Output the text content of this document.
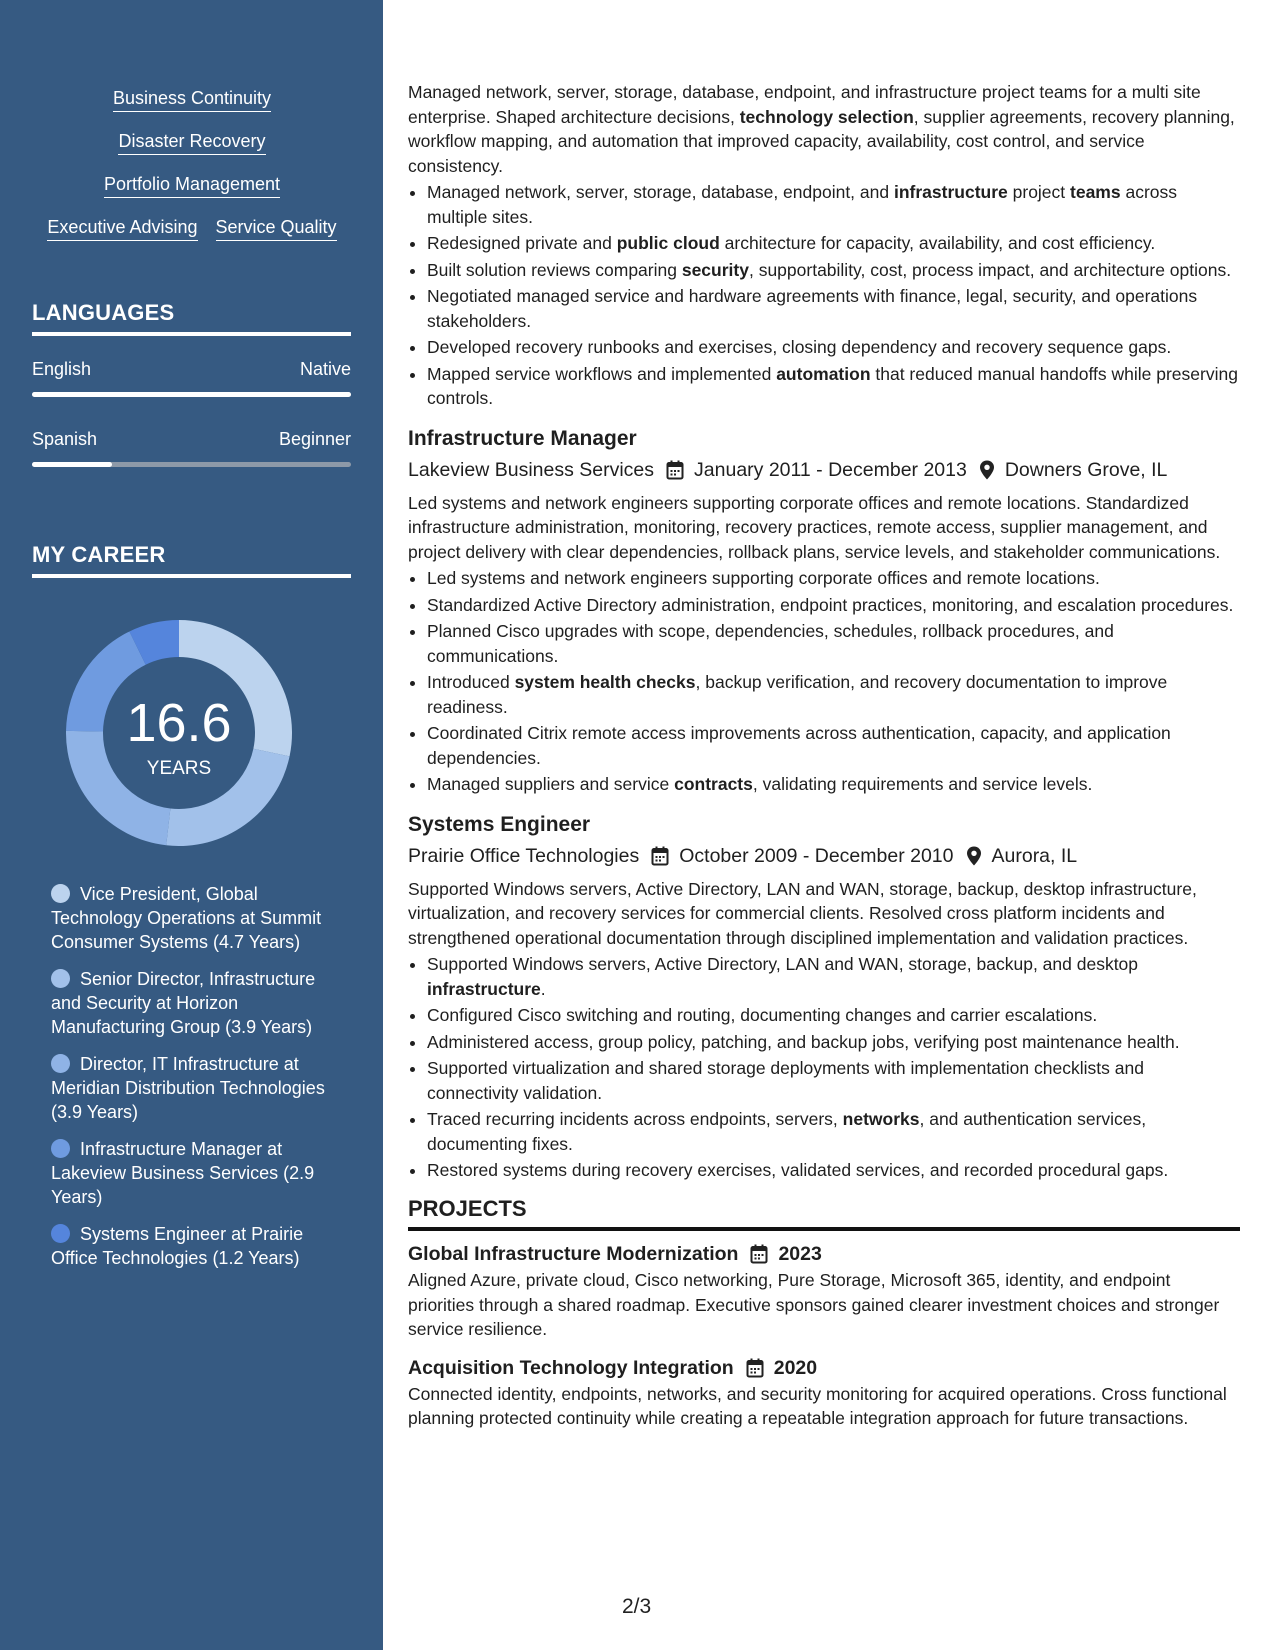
Business Continuity
Disaster Recovery
Portfolio Management
Executive Advising Service Quality
LANGUAGES
English	Native
Spanish	Beginner
MY CAREER
16.6
YEARS
Vice President, Global Technology Operations at Summit Consumer Systems (4.7 Years)
Senior Director, Infrastructure and Security at Horizon Manufacturing Group (3.9 Years)
Director, IT Infrastructure at Meridian Distribution Technologies (3.9 Years)
Infrastructure Manager at Lakeview Business Services (2.9 Years)
Systems Engineer at Prairie Office Technologies (1.2 Years)

Managed network, server, storage, database, endpoint, and infrastructure project teams for a multi site enterprise. Shaped architecture decisions, technology selection, supplier agreements, recovery planning, workflow mapping, and automation that improved capacity, availability, cost control, and service consistency.

• Managed network, server, storage, database, endpoint, and infrastructure project teams across multiple sites.
• Redesigned private and public cloud architecture for capacity, availability, and cost efficiency.
• Built solution reviews comparing security, supportability, cost, process impact, and architecture options.
• Negotiated managed service and hardware agreements with finance, legal, security, and operations stakeholders.
• Developed recovery runbooks and exercises, closing dependency and recovery sequence gaps.
• Mapped service workflows and implemented automation that reduced manual handoffs while preserving controls.
Infrastructure Manager
Lakeview Business Services January 2011 - December 2013 Downers Grove, IL

Led systems and network engineers supporting corporate offices and remote locations. Standardized infrastructure administration, monitoring, recovery practices, remote access, supplier management, and project delivery with clear dependencies, rollback plans, service levels, and stakeholder communications.

• Led systems and network engineers supporting corporate offices and remote locations.
• Standardized Active Directory administration, endpoint practices, monitoring, and escalation procedures.
• Planned Cisco upgrades with scope, dependencies, schedules, rollback procedures, and communications.
• Introduced system health checks, backup verification, and recovery documentation to improve readiness.
• Coordinated Citrix remote access improvements across authentication, capacity, and application dependencies.
• Managed suppliers and service contracts, validating requirements and service levels.
Systems Engineer
Prairie Office Technologies October 2009 - December 2010 Aurora, IL

Supported Windows servers, Active Directory, LAN and WAN, storage, backup, desktop infrastructure, virtualization, and recovery services for commercial clients. Resolved cross platform incidents and strengthened operational documentation through disciplined implementation and validation practices.

• Supported Windows servers, Active Directory, LAN and WAN, storage, backup, and desktop infrastructure.
• Configured Cisco switching and routing, documenting changes and carrier escalations.
• Administered access, group policy, patching, and backup jobs, verifying post maintenance health.
• Supported virtualization and shared storage deployments with implementation checklists and connectivity validation.
• Traced recurring incidents across endpoints, servers, networks, and authentication services, documenting fixes.
• Restored systems during recovery exercises, validated services, and recorded procedural gaps.
PROJECTS
Global Infrastructure Modernization 2023

Aligned Azure, private cloud, Cisco networking, Pure Storage, Microsoft 365, identity, and endpoint priorities through a shared roadmap. Executive sponsors gained clearer investment choices and stronger service resilience.

Acquisition Technology Integration 2020

Connected identity, endpoints, networks, and security monitoring for acquired operations. Cross functional planning protected continuity while creating a repeatable integration approach for future transactions.

2/3
